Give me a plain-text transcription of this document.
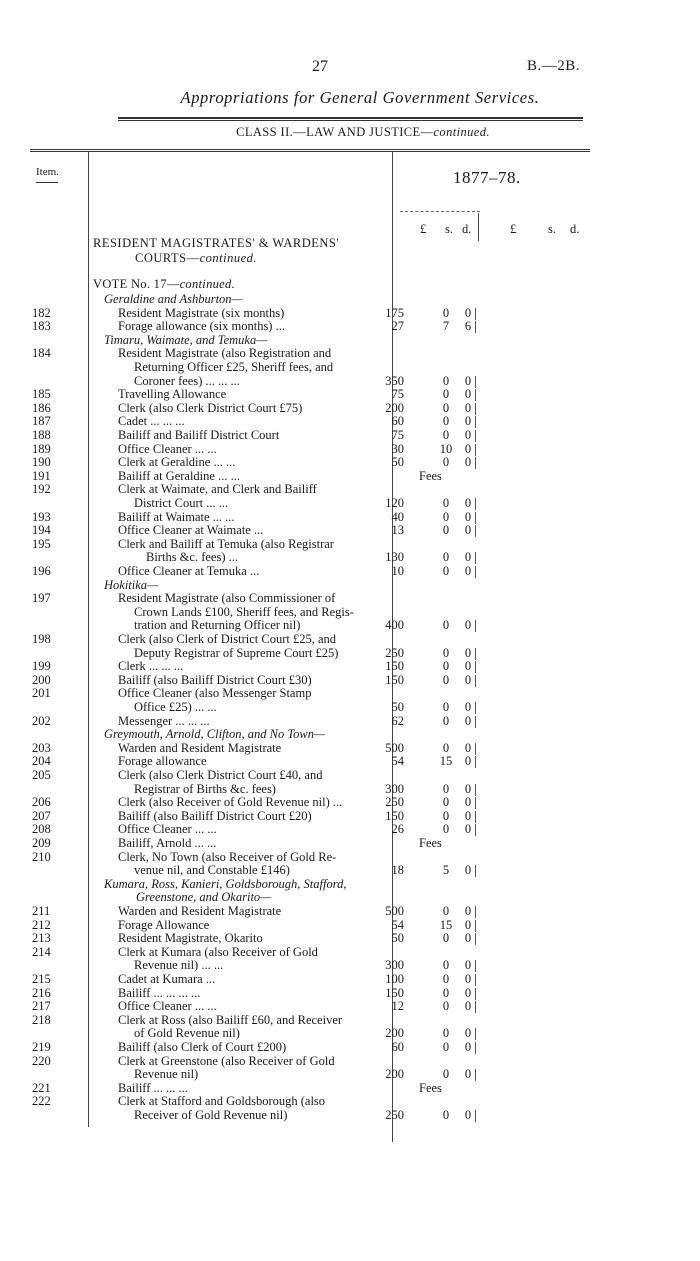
27	B.—2B.
Appropriations for General Government Services.
CLASS II.—LAW AND JUSTICE—continued.
Item.	1877–78.
£ s. d.	£	s. d.
RESIDENT MAGISTRATES' & WARDENS'
COURTS—continued.
VOTE No. 17—continued.
Geraldine and Ashburton—
182	Resident Magistrate (six months)	175	0	0
183	Forage allowance (six months) ...	27	7	6
Timaru, Waimate, and Temuka—
184	Resident Magistrate (also Registration and
Returning Officer £25, Sheriff fees, and
Coroner fees) ... ... ...	350	0	0
185	Travelling Allowance	75	0	0
186	Clerk (also Clerk District Court £75)	200	0	0
187	Cadet ... ... ...	60	0	0
188	Bailiff and Bailiff District Court	75	0	0
189	Office Cleaner ... ...	30	10	0
190	Clerk at Geraldine ... ...	50	0	0
191	Bailiff at Geraldine ... ...	Fees
192	Clerk at Waimate, and Clerk and Bailiff
District Court ... ...	120	0	0
193	Bailiff at Waimate ... ...	40	0	0
194	Office Cleaner at Waimate ...	13	0	0
195	Clerk and Bailiff at Temuka (also Registrar
Births &c. fees) ...	130	0	0
196	Office Cleaner at Temuka ...	10	0	0
Hokitika—
197	Resident Magistrate (also Commissioner of
Crown Lands £100, Sheriff fees, and Regis-
tration and Returning Officer nil)	400	0	0
198	Clerk (also Clerk of District Court £25, and
Deputy Registrar of Supreme Court £25)	250	0	0
199	Clerk ... ... ...	150	0	0
200	Bailiff (also Bailiff District Court £30)	150	0	0
201	Office Cleaner (also Messenger Stamp
Office £25) ... ...	50	0	0
202	Messenger ... ... ...	62	0	0
Greymouth, Arnold, Clifton, and No Town—
203	Warden and Resident Magistrate	500	0	0
204	Forage allowance	54	15	0
205	Clerk (also Clerk District Court £40, and
Registrar of Births &c. fees)	300	0	0
206	Clerk (also Receiver of Gold Revenue nil) ...	250	0	0
207	Bailiff (also Bailiff District Court £20)	150	0	0
208	Office Cleaner ... ...	26	0	0
209	Bailiff, Arnold ... ...	Fees
210	Clerk, No Town (also Receiver of Gold Re-
venue nil, and Constable £146)	18	5	0
Kumara, Ross, Kanieri, Goldsborough, Stafford,
Greenstone, and Okarito—
211	Warden and Resident Magistrate	500	0	0
212	Forage Allowance	54	15	0
213	Resident Magistrate, Okarito	50	0	0
214	Clerk at Kumara (also Receiver of Gold
Revenue nil) ... ...	300	0	0
215	Cadet at Kumara ...	100	0	0
216	Bailiff ... ... ... ...	150	0	0
217	Office Cleaner ... ...	12	0	0
218	Clerk at Ross (also Bailiff £60, and Receiver
of Gold Revenue nil)	200	0	0
219	Bailiff (also Clerk of Court £200)	60	0	0
220	Clerk at Greenstone (also Receiver of Gold
Revenue nil)	200	0	0
221	Bailiff ... ... ...	Fees
222	Clerk at Stafford and Goldsborough (also
Receiver of Gold Revenue nil)	250	0	0
